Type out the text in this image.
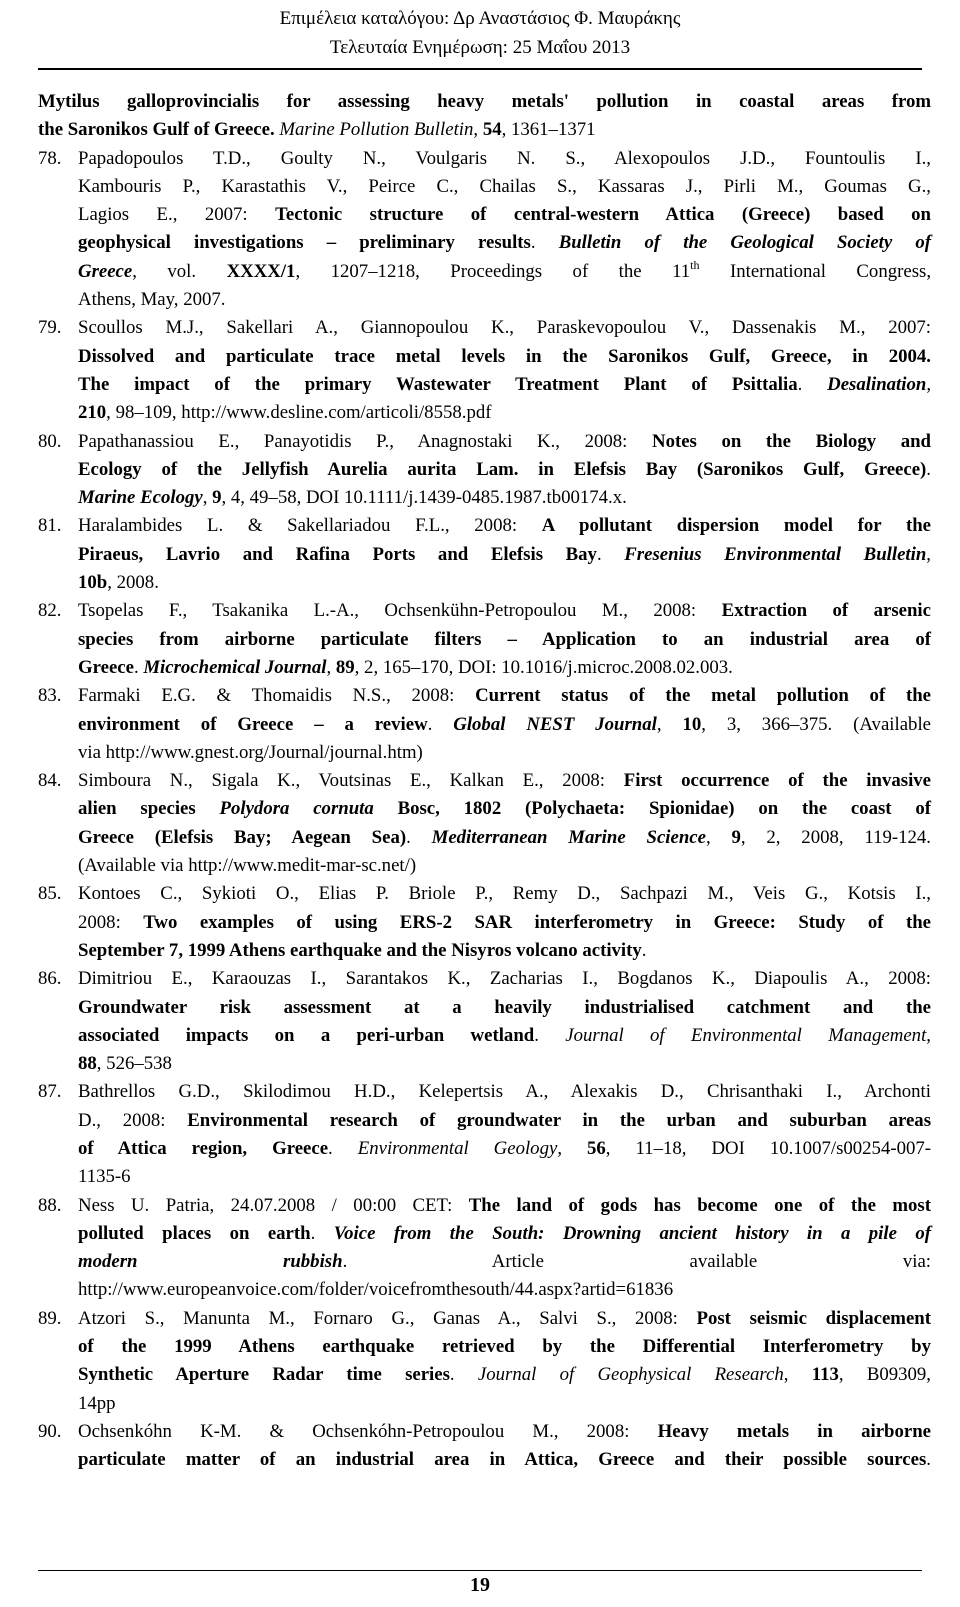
Επιμέλεια καταλόγου: Δρ Αναστάσιος Φ. Μαυράκης
Τελευταία Ενημέρωση: 25 Μαΐου 2013
Mytilus galloprovincialis for assessing heavy metals' pollution in coastal areas from
the Saronikos Gulf of Greece. Marine Pollution Bulletin, 54, 1361–1371
78. Papadopoulos T.D., Goulty N., Voulgaris N. S., Alexopoulos J.D., Fountoulis I.,
Kambouris P., Karastathis V., Peirce C., Chailas S., Kassaras J., Pirli M., Goumas G.,
Lagios E., 2007: Tectonic structure of central-western Attica (Greece) based on
geophysical investigations – preliminary results. Bulletin of the Geological Society of
Greece, vol. XXXX/1, 1207–1218, Proceedings of the 11th International Congress,
Athens, May, 2007.
79. Scoullos M.J., Sakellari A., Giannopoulou K., Paraskevopoulou V., Dassenakis M., 2007:
Dissolved and particulate trace metal levels in the Saronikos Gulf, Greece, in 2004.
The impact of the primary Wastewater Treatment Plant of Psittalia. Desalination,
210, 98–109, http://www.desline.com/articoli/8558.pdf
80. Papathanassiou E., Panayotidis P., Anagnostaki K., 2008: Notes on the Biology and
Ecology of the Jellyfish Aurelia aurita Lam. in Elefsis Bay (Saronikos Gulf, Greece).
Marine Ecology, 9, 4, 49–58, DOI 10.1111/j.1439-0485.1987.tb00174.x.
81. Haralambides L. & Sakellariadou F.L., 2008: A pollutant dispersion model for the
Piraeus, Lavrio and Rafina Ports and Elefsis Bay. Fresenius Environmental Bulletin,
10b, 2008.
82. Tsopelas F., Tsakanika L.-A., Ochsenkühn-Petropoulou M., 2008: Extraction of arsenic
species from airborne particulate filters – Application to an industrial area of
Greece. Microchemical Journal, 89, 2, 165–170, DOI: 10.1016/j.microc.2008.02.003.
83. Farmaki E.G. & Thomaidis N.S., 2008: Current status of the metal pollution of the
environment of Greece – a review. Global NEST Journal, 10, 3, 366–375. (Available
via http://www.gnest.org/Journal/journal.htm)
84. Simboura N., Sigala K., Voutsinas E., Kalkan E., 2008: First occurrence of the invasive
alien species Polydora cornuta Bosc, 1802 (Polychaeta: Spionidae) on the coast of
Greece (Elefsis Bay; Aegean Sea). Mediterranean Marine Science, 9, 2, 2008, 119-124.
(Available via http://www.medit-mar-sc.net/)
85. Kontoes C., Sykioti O., Elias P. Briole P., Remy D., Sachpazi M., Veis G., Kotsis I.,
2008: Two examples of using ERS-2 SAR interferometry in Greece: Study of the
September 7, 1999 Athens earthquake and the Nisyros volcano activity.
86. Dimitriou E., Karaouzas I., Sarantakos K., Zacharias I., Bogdanos K., Diapoulis A., 2008:
Groundwater risk assessment at a heavily industrialised catchment and the
associated impacts on a peri-urban wetland. Journal of Environmental Management,
88, 526–538
87. Bathrellos G.D., Skilodimou H.D., Kelepertsis A., Alexakis D., Chrisanthaki I., Archonti
D., 2008: Environmental research of groundwater in the urban and suburban areas
of Attica region, Greece. Environmental Geology, 56, 11–18, DOI 10.1007/s00254-007-
1135-6
88. Ness U. Patria, 24.07.2008 / 00:00 CET: The land of gods has become one of the most
polluted places on earth. Voice from the South: Drowning ancient history in a pile of
modern rubbish. Article available via:
http://www.europeanvoice.com/folder/voicefromthesouth/44.aspx?artid=61836
89. Atzori S., Manunta M., Fornaro G., Ganas A., Salvi S., 2008: Post seismic displacement
of the 1999 Athens earthquake retrieved by the Differential Interferometry by
Synthetic Aperture Radar time series. Journal of Geophysical Research, 113, B09309,
14pp
90. Ochsenkóhn K-M. & Ochsenkóhn-Petropoulou M., 2008: Heavy metals in airborne
particulate matter of an industrial area in Attica, Greece and their possible sources.
19
